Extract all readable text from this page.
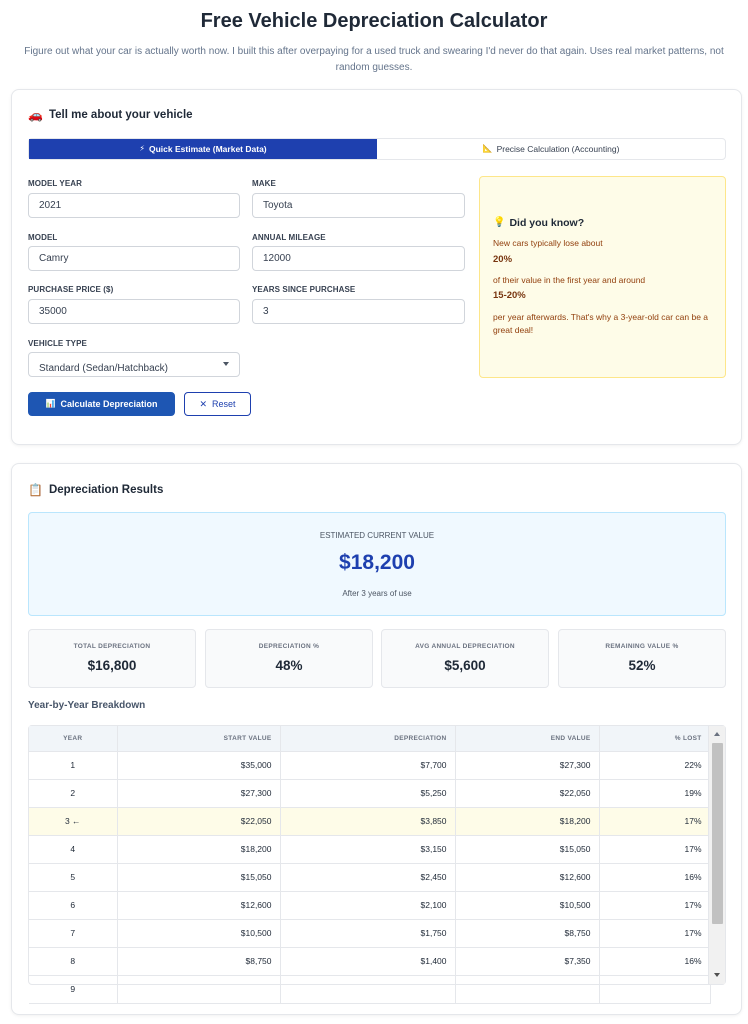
Free Vehicle Depreciation Calculator

Figure out what your car is actually worth now. I built this after overpaying for a used truck and swearing I'd never do that again. Uses real market patterns, not random guesses.

🚗 Tell me about your vehicle
⚡ Quick Estimate (Market Data)	📐 Precise Calculation (Accounting)
MODEL YEAR
2021
MAKE
Toyota
MODEL
Camry
ANNUAL MILEAGE
12000
PURCHASE PRICE ($)
35000
YEARS SINCE PURCHASE
3
VEHICLE TYPE
Standard (Sedan/Hatchback)
📊 Calculate Depreciation	✕ Reset
💡 Did you know?
New cars typically lose about
20%
of their value in the first year and around
15-20%
per year afterwards. That's why a 3-year-old car can be a great deal!
📋 Depreciation Results
ESTIMATED CURRENT VALUE
$18,200
After 3 years of use
TOTAL DEPRECIATION
$16,800
DEPRECIATION %
48%
AVG ANNUAL DEPRECIATION
$5,600
REMAINING VALUE %
52%
Year-by-Year Breakdown
YEAR	START VALUE	DEPRECIATION	END VALUE	% LOST
1	$35,000	$7,700	$27,300	22%
2	$27,300	$5,250	$22,050	19%
3 ←	$22,050	$3,850	$18,200	17%
4	$18,200	$3,150	$15,050	17%
5	$15,050	$2,450	$12,600	16%
6	$12,600	$2,100	$10,500	17%
7	$10,500	$1,750	$8,750	17%
8	$8,750	$1,400	$7,350	16%
9				
